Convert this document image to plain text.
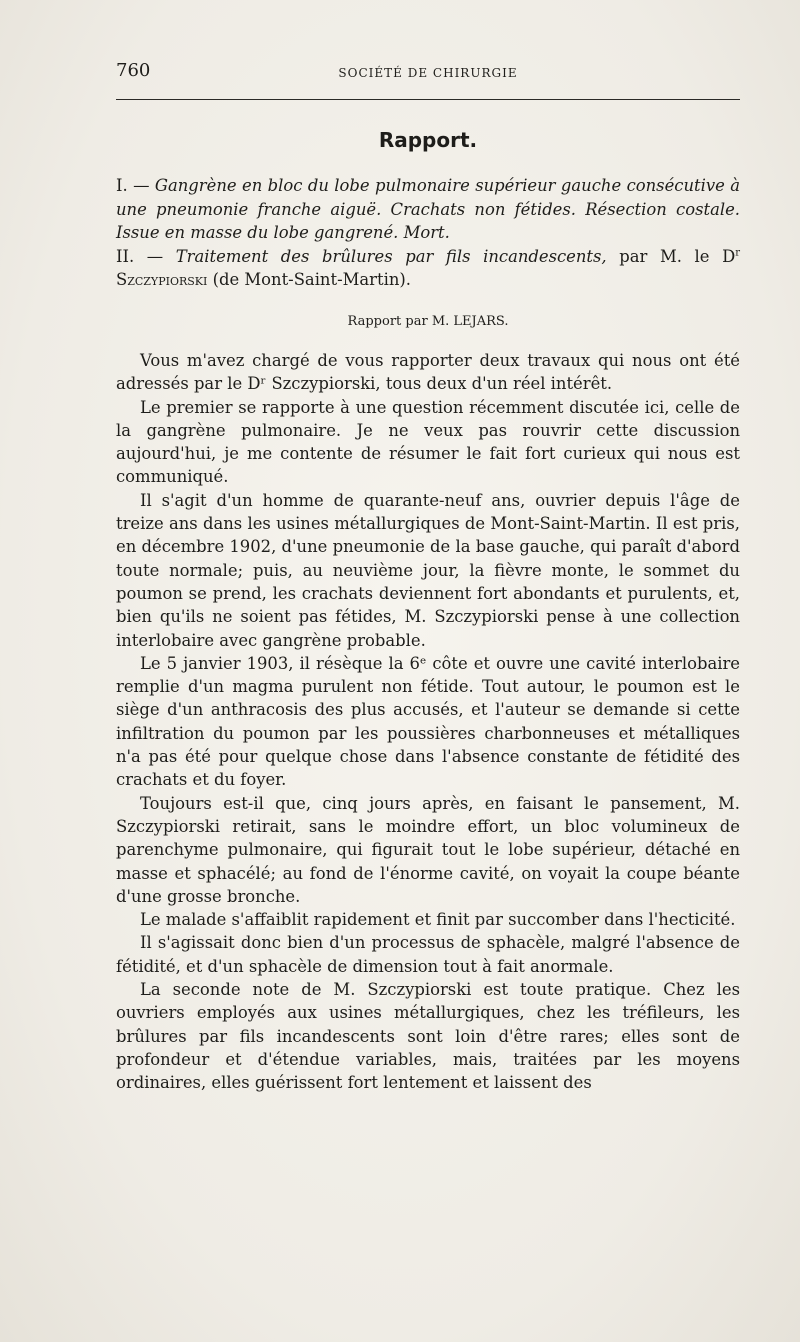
760	SOCIÉTÉ DE CHIRURGIE
Rapport.

I. — Gangrène en bloc du lobe pulmonaire supérieur gauche consécutive à une pneumonie franche aiguë. Crachats non fétides. Résection costale. Issue en masse du lobe gangrené. Mort.

II. — Traitement des brûlures par fils incandescents, par M. le $D^r$ Szczypiorski (de Mont-Saint-Martin).

Rapport par M. LEJARS.

Vous m'avez chargé de vous rapporter deux travaux qui nous ont été adressés par le Dʳ Szczypiorski, tous deux d'un réel intérêt.

Le premier se rapporte à une question récemment discutée ici, celle de la gangrène pulmonaire. Je ne veux pas rouvrir cette discussion aujourd'hui, je me contente de résumer le fait fort curieux qui nous est communiqué.

Il s'agit d'un homme de quarante-neuf ans, ouvrier depuis l'âge de treize ans dans les usines métallurgiques de Mont-Saint-Martin. Il est pris, en décembre 1902, d'une pneumonie de la base gauche, qui paraît d'abord toute normale; puis, au neuvième jour, la fièvre monte, le sommet du poumon se prend, les crachats deviennent fort abondants et purulents, et, bien qu'ils ne soient pas fétides, M. Szczypiorski pense à une collection interlobaire avec gangrène probable.

Le 5 janvier 1903, il résèque la 6ᵉ côte et ouvre une cavité interlobaire remplie d'un magma purulent non fétide. Tout autour, le poumon est le siège d'un anthracosis des plus accusés, et l'auteur se demande si cette infiltration du poumon par les poussières charbonneuses et métalliques n'a pas été pour quelque chose dans l'absence constante de fétidité des crachats et du foyer.

Toujours est-il que, cinq jours après, en faisant le pansement, M. Szczypiorski retirait, sans le moindre effort, un bloc volumineux de parenchyme pulmonaire, qui figurait tout le lobe supérieur, détaché en masse et sphacélé; au fond de l'énorme cavité, on voyait la coupe béante d'une grosse bronche.

Le malade s'affaiblit rapidement et finit par succomber dans l'hecticité.

Il s'agissait donc bien d'un processus de sphacèle, malgré l'absence de fétidité, et d'un sphacèle de dimension tout à fait anormale.

La seconde note de M. Szczypiorski est toute pratique. Chez les ouvriers employés aux usines métallurgiques, chez les tréfileurs, les brûlures par fils incandescents sont loin d'être rares; elles sont de profondeur et d'étendue variables, mais, traitées par les moyens ordinaires, elles guérissent fort lentement et laissent des
